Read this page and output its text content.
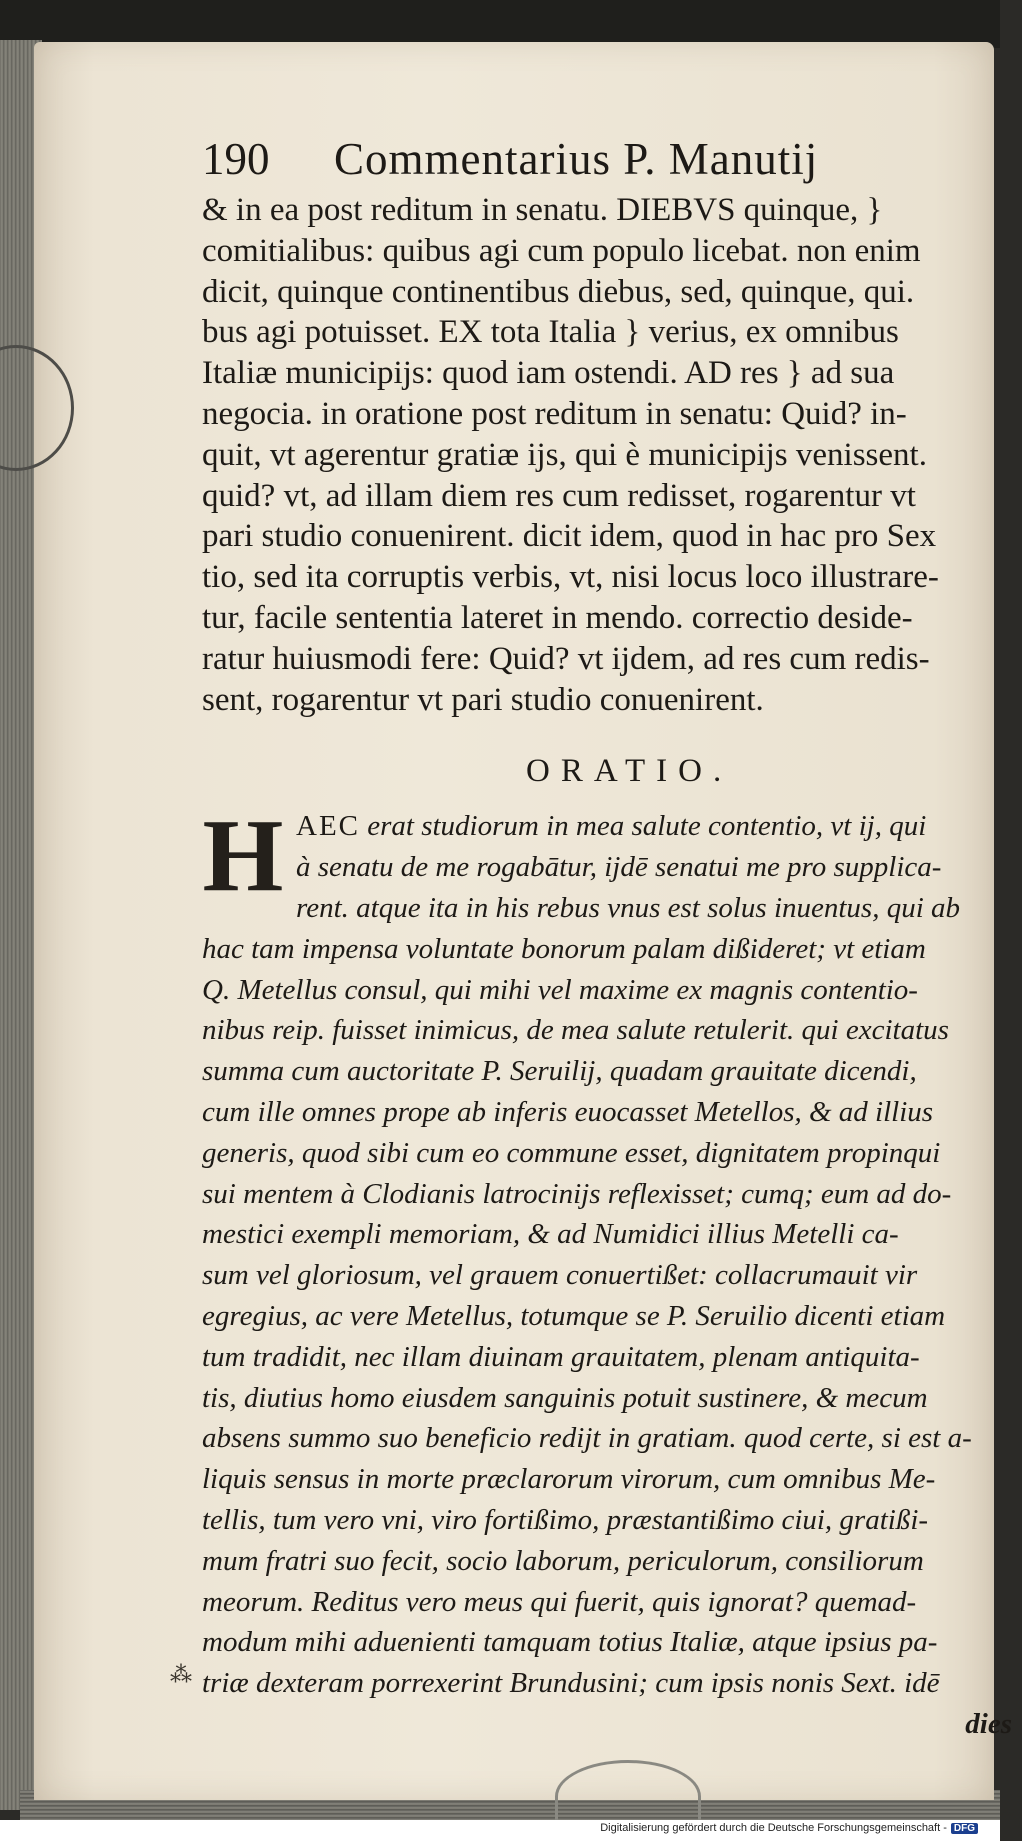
⁂
190 Commentarius P. Manutij
& in ea post reditum in senatu. DIEBVS quinque, }
comitialibus: quibus agi cum populo licebat. non enim
dicit, quinque continentibus diebus, sed, quinque, qui.
bus agi potuisset. EX tota Italia } verius, ex omnibus
Italiæ municipijs: quod iam ostendi. AD res } ad sua
negocia. in oratione post reditum in senatu: Quid? in-
quit, vt agerentur gratiæ ijs, qui è municipijs venissent.
quid? vt, ad illam diem res cum redisset, rogarentur vt
pari studio conuenirent. dicit idem, quod in hac pro Sex
tio, sed ita corruptis verbis, vt, nisi locus loco illustrare-
tur, facile sententia lateret in mendo. correctio deside-
ratur huiusmodi fere: Quid? vt ijdem, ad res cum redis-
sent, rogarentur vt pari studio conuenirent.
ORATIO.
H AEC erat studiorum in mea salute contentio, vt ij, qui
à senatu de me rogabātur, ijdē senatui me pro supplica-
rent. atque ita in his rebus vnus est solus inuentus, qui ab
hac tam impensa voluntate bonorum palam dißideret; vt etiam
Q. Metellus consul, qui mihi vel maxime ex magnis contentio-
nibus reip. fuisset inimicus, de mea salute retulerit. qui excitatus
summa cum auctoritate P. Seruilij, quadam grauitate dicendi,
cum ille omnes prope ab inferis euocasset Metellos, & ad illius
generis, quod sibi cum eo commune esset, dignitatem propinqui
sui mentem à Clodianis latrocinijs reflexisset; cumq; eum ad do-
mestici exempli memoriam, & ad Numidici illius Metelli ca-
sum vel gloriosum, vel grauem conuertißet: collacrumauit vir
egregius, ac vere Metellus, totumque se P. Seruilio dicenti etiam
tum tradidit, nec illam diuinam grauitatem, plenam antiquita-
tis, diutius homo eiusdem sanguinis potuit sustinere, & mecum
absens summo suo beneficio redijt in gratiam. quod certe, si est a-
liquis sensus in morte præclarorum virorum, cum omnibus Me-
tellis, tum vero vni, viro fortißimo, præstantißimo ciui, gratißi-
mum fratri suo fecit, socio laborum, periculorum, consiliorum
meorum. Reditus vero meus qui fuerit, quis ignorat? quemad-
modum mihi aduenienti tamquam totius Italiæ, atque ipsius pa-
triæ dexteram porrexerint Brundusini; cum ipsis nonis Sext. idē
dies
Digitalisierung gefördert durch die Deutsche Forschungsgemeinschaft - DFG
